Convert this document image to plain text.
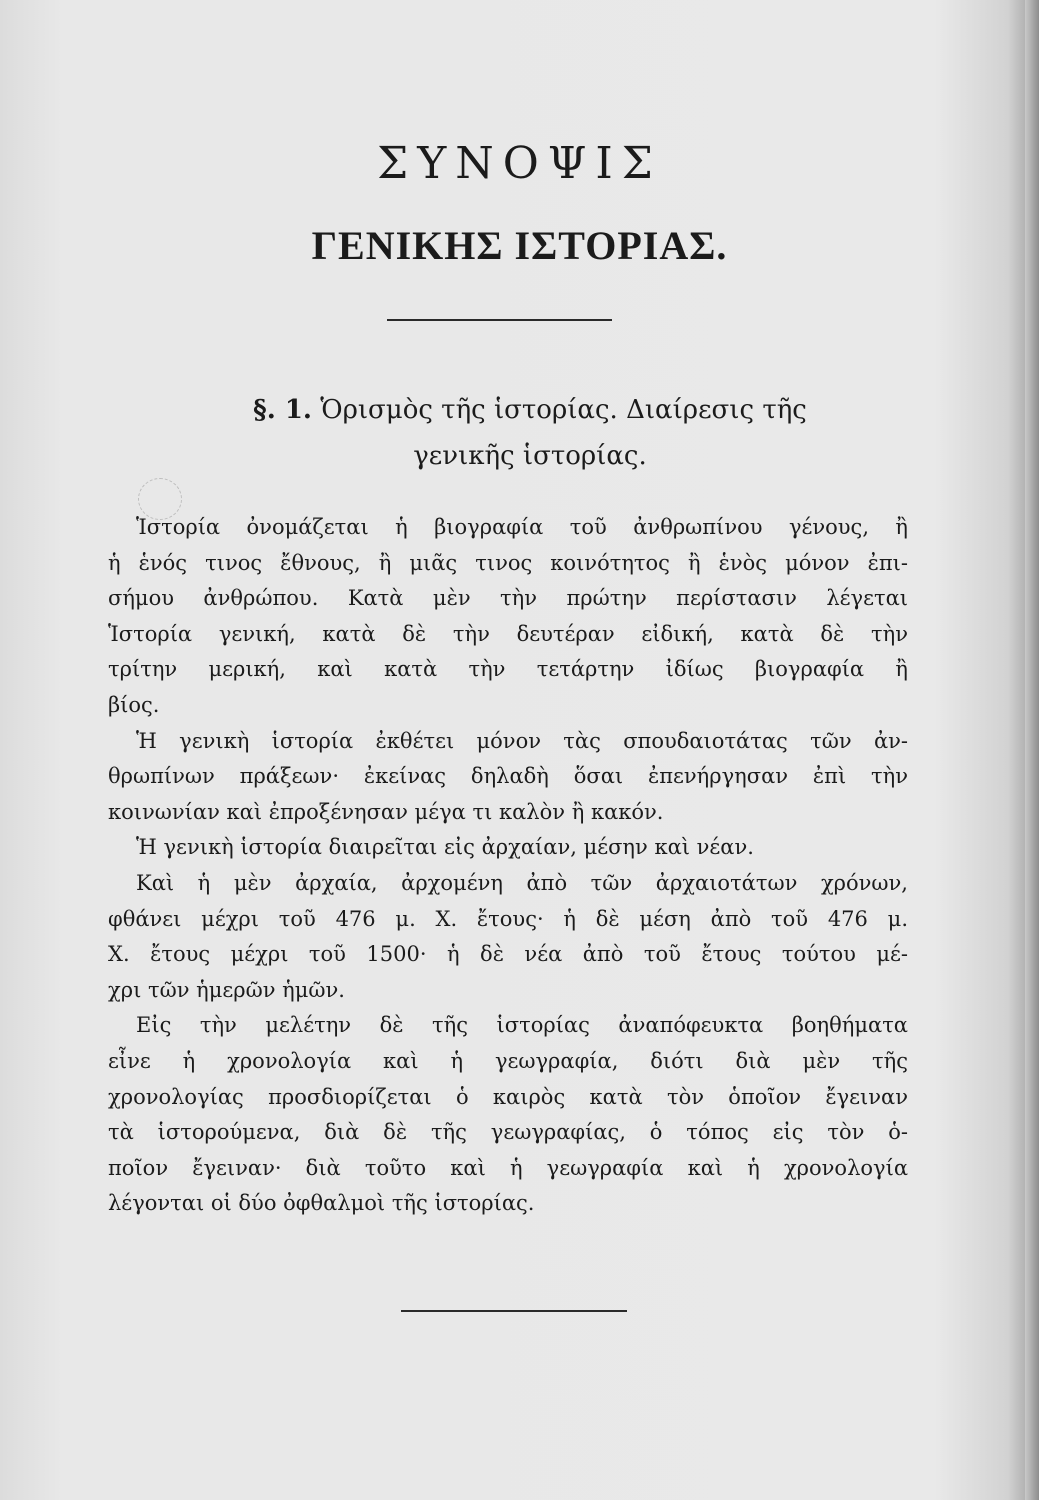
ΣΥΝΟΨΙΣ
ΓΕΝΙΚΗΣ ΙΣΤΟΡΙΑΣ.
§. 1. Ὁρισμὸς τῆς ἱστορίας. Διαίρεσις τῆς
γενικῆς ἱστορίας.
Ἱστορία ὀνομάζεται ἡ βιογραφία τοῦ ἀνθρωπίνου γένους, ἢ
ἡ ἑνός τινος ἔθνους, ἢ μιᾶς τινος κοινότητος ἢ ἑνὸς μόνον ἐπι-
σήμου ἀνθρώπου. Κατὰ μὲν τὴν πρώτην περίστασιν λέγεται
Ἱστορία γενική, κατὰ δὲ τὴν δευτέραν εἰδική, κατὰ δὲ τὴν
τρίτην μερική, καὶ κατὰ τὴν τετάρτην ἰδίως βιογραφία ἢ
βίος.
Ἡ γενικὴ ἱστορία ἐκθέτει μόνον τὰς σπουδαιοτάτας τῶν ἀν-
θρωπίνων πράξεων· ἐκείνας δηλαδὴ ὅσαι ἐπενήργησαν ἐπὶ τὴν
κοινωνίαν καὶ ἐπροξένησαν μέγα τι καλὸν ἢ κακόν.
Ἡ γενικὴ ἱστορία διαιρεῖται εἰς ἀρχαίαν, μέσην καὶ νέαν.
Καὶ ἡ μὲν ἀρχαία, ἀρχομένη ἀπὸ τῶν ἀρχαιοτάτων χρόνων,
φθάνει μέχρι τοῦ 476 μ. Χ. ἔτους· ἡ δὲ μέση ἀπὸ τοῦ 476 μ.
Χ. ἔτους μέχρι τοῦ 1500· ἡ δὲ νέα ἀπὸ τοῦ ἔτους τούτου μέ-
χρι τῶν ἡμερῶν ἡμῶν.
Εἰς τὴν μελέτην δὲ τῆς ἱστορίας ἀναπόφευκτα βοηθήματα
εἶνε ἡ χρονολογία καὶ ἡ γεωγραφία, διότι διὰ μὲν τῆς
χρονολογίας προσδιορίζεται ὁ καιρὸς κατὰ τὸν ὁποῖον ἔγειναν
τὰ ἱστορούμενα, διὰ δὲ τῆς γεωγραφίας, ὁ τόπος εἰς τὸν ὁ-
ποῖον ἔγειναν· διὰ τοῦτο καὶ ἡ γεωγραφία καὶ ἡ χρονολογία
λέγονται οἱ δύο ὀφθαλμοὶ τῆς ἱστορίας.
